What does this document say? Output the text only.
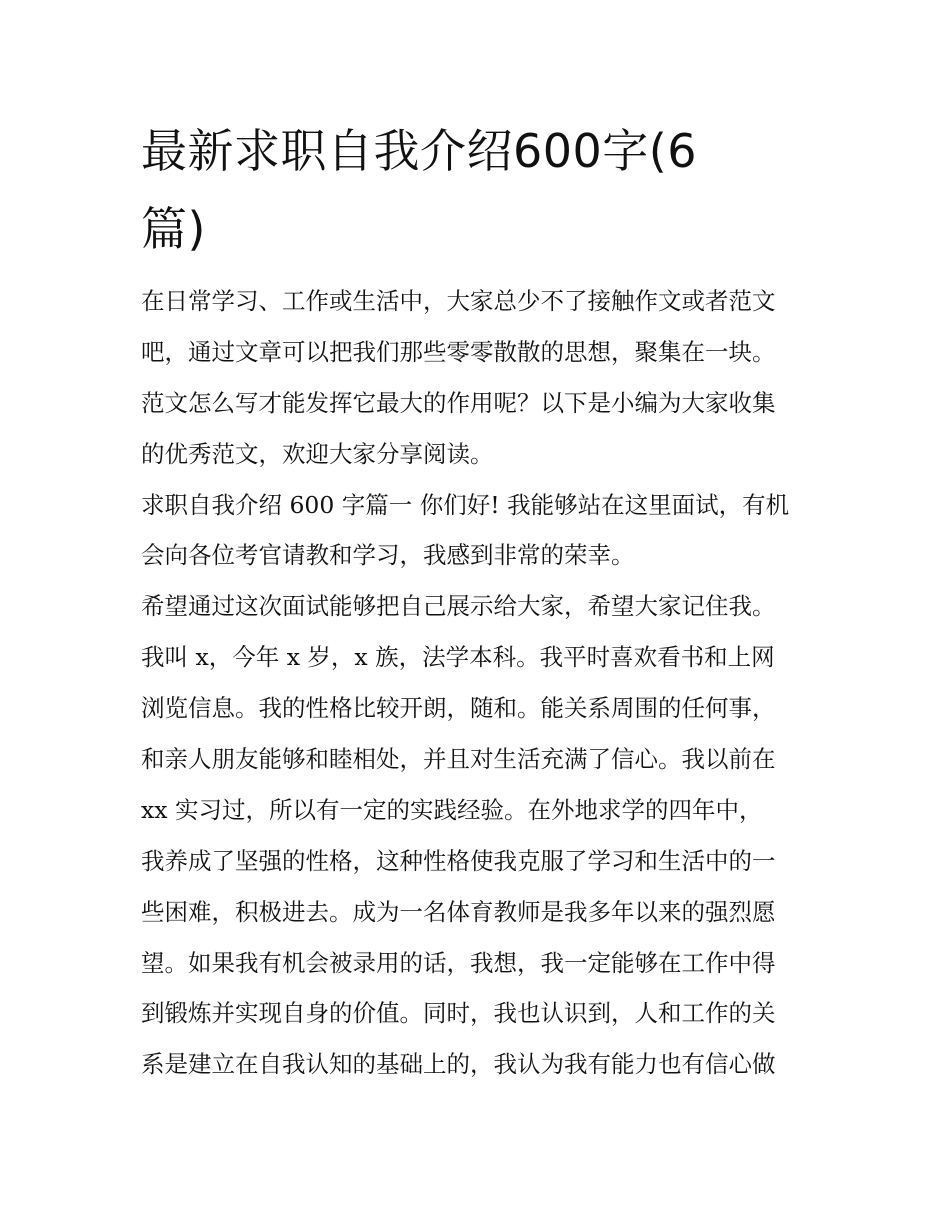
最新求职自我介绍600字(6
篇)
在日常学习、工作或生活中，大家总少不了接触作文或者范文
吧，通过文章可以把我们那些零零散散的思想，聚集在一块。
范文怎么写才能发挥它最大的作用呢？以下是小编为大家收集
的优秀范文，欢迎大家分享阅读。
求职自我介绍 600 字篇一 你们好! 我能够站在这里面试，有机
会向各位考官请教和学习，我感到非常的荣幸。
希望通过这次面试能够把自己展示给大家，希望大家记住我。
我叫 x，今年 x 岁，x 族，法学本科。我平时喜欢看书和上网
浏览信息。我的性格比较开朗，随和。能关系周围的任何事，
和亲人朋友能够和睦相处，并且对生活充满了信心。我以前在
xx 实习过，所以有一定的实践经验。在外地求学的四年中，
我养成了坚强的性格，这种性格使我克服了学习和生活中的一
些困难，积极进去。成为一名体育教师是我多年以来的强烈愿
望。如果我有机会被录用的话，我想，我一定能够在工作中得
到锻炼并实现自身的价值。同时，我也认识到，人和工作的关
系是建立在自我认知的基础上的，我认为我有能力也有信心做
